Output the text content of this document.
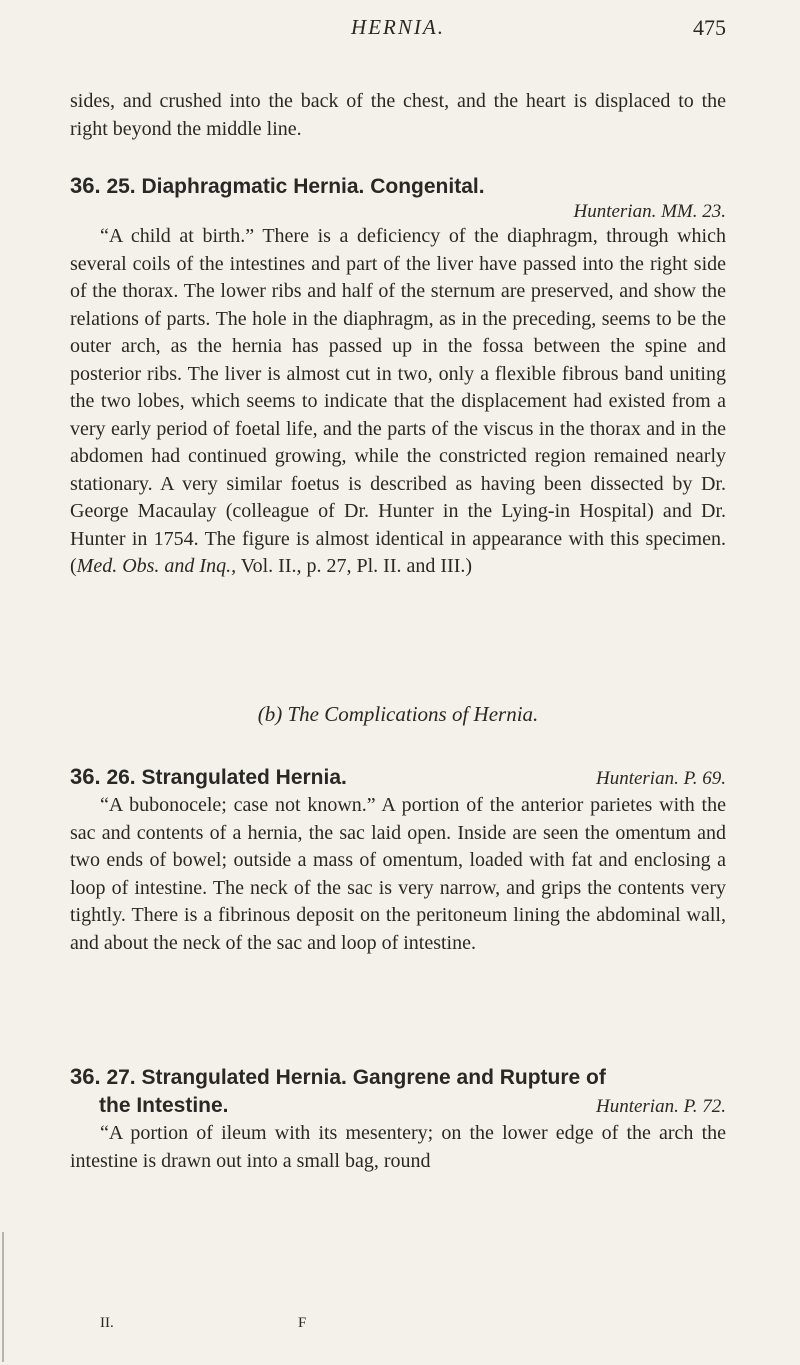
HERNIA.	475

sides, and crushed into the back of the chest, and the heart is displaced to the right beyond the middle line.

36. 25. Diaphragmatic Hernia. Congenital.
Hunterian. MM. 23.

“A child at birth.” There is a deficiency of the diaphragm, through which several coils of the intestines and part of the liver have passed into the right side of the thorax. The lower ribs and half of the sternum are preserved, and show the relations of parts. The hole in the diaphragm, as in the preceding, seems to be the outer arch, as the hernia has passed up in the fossa between the spine and posterior ribs. The liver is almost cut in two, only a flexible fibrous band uniting the two lobes, which seems to indicate that the displacement had existed from a very early period of foetal life, and the parts of the viscus in the thorax and in the abdomen had continued growing, while the constricted region remained nearly stationary. A very similar foetus is described as having been dissected by Dr. George Macaulay (colleague of Dr. Hunter in the Lying-in Hospital) and Dr. Hunter in 1754. The figure is almost identical in appearance with this specimen. (Med. Obs. and Inq., Vol. II., p. 27, Pl. II. and III.)

(b) The Complications of Hernia.
36. 26. Strangulated Hernia.	Hunterian. P. 69.

“A bubonocele; case not known.” A portion of the anterior parietes with the sac and contents of a hernia, the sac laid open. Inside are seen the omentum and two ends of bowel; outside a mass of omentum, loaded with fat and enclosing a loop of intestine. The neck of the sac is very narrow, and grips the contents very tightly. There is a fibrinous deposit on the peritoneum lining the abdominal wall, and about the neck of the sac and loop of intestine.

36. 27. Strangulated Hernia. Gangrene and Rupture of
the Intestine.	Hunterian. P. 72.

“A portion of ileum with its mesentery; on the lower edge of the arch the intestine is drawn out into a small bag, round

II.	F
